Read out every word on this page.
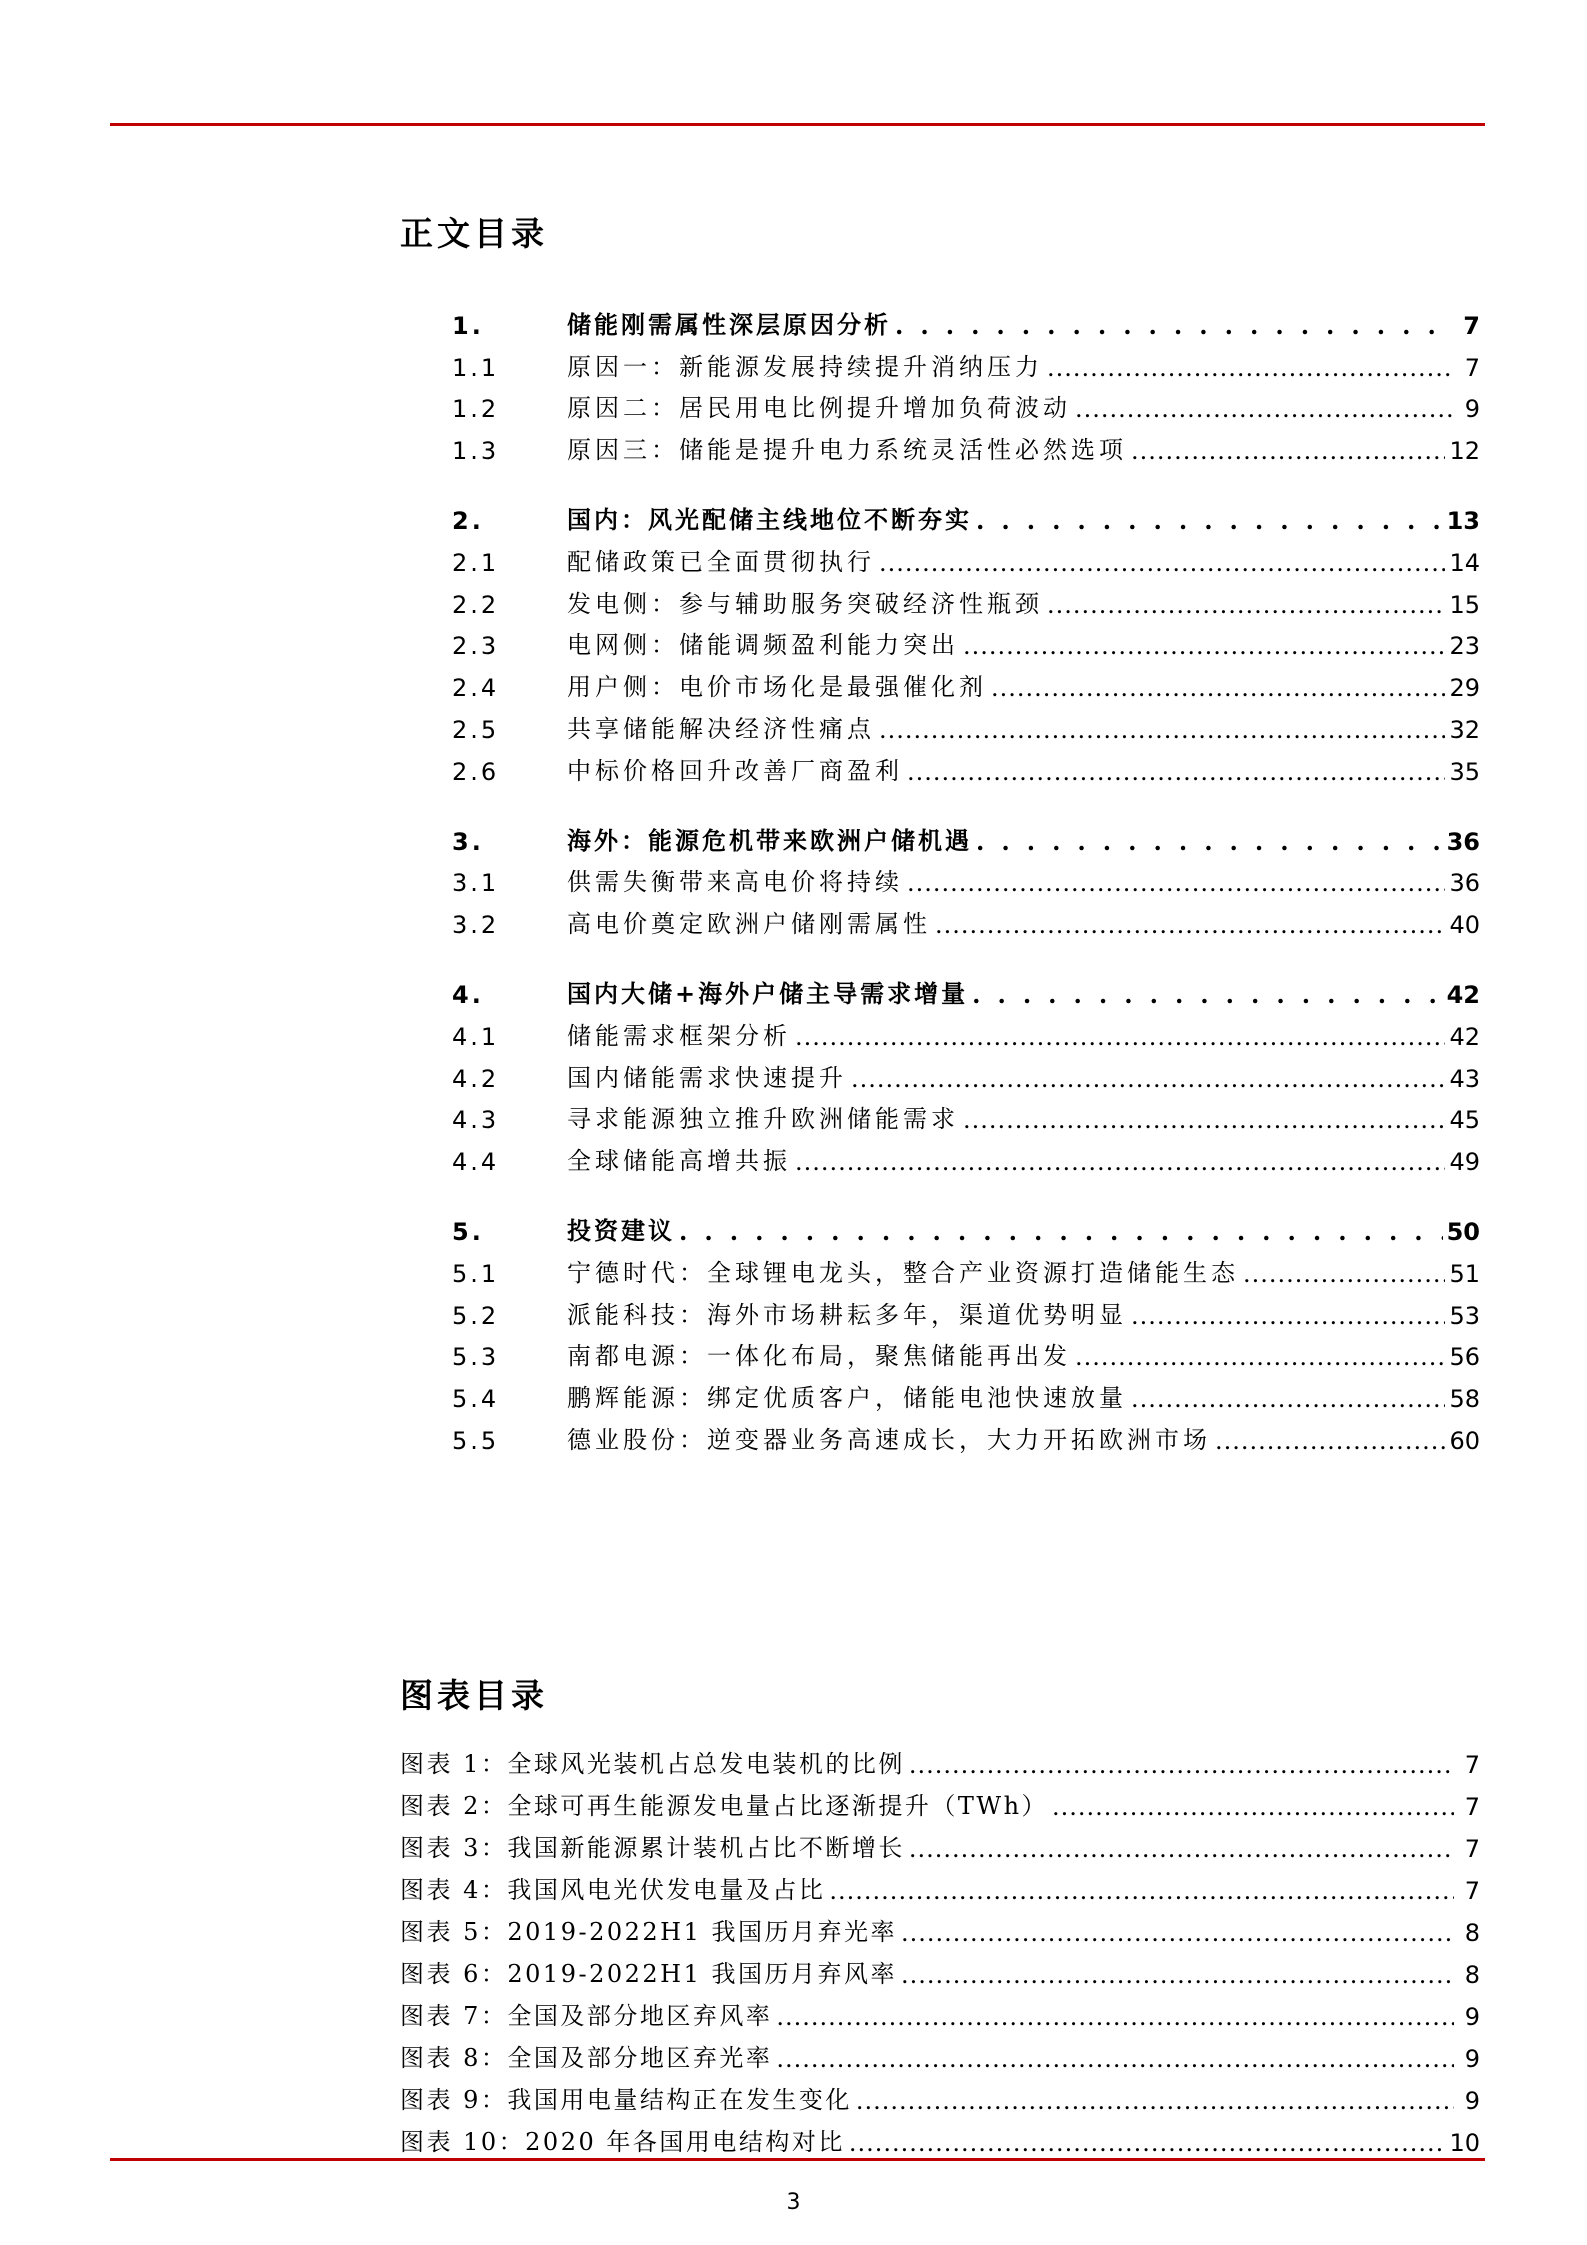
正文目录
1.	储能刚需属性深层原因分析 .....	7
1.1	原因一：新能源发展持续提升消纳压力 .....	7
1.2	原因二：居民用电比例提升增加负荷波动 .....	9
1.3	原因三：储能是提升电力系统灵活性必然选项 .....	12
2.	国内：风光配储主线地位不断夯实 .....	13
2.1	配储政策已全面贯彻执行 .....	14
2.2	发电侧：参与辅助服务突破经济性瓶颈 .....	15
2.3	电网侧：储能调频盈利能力突出 .....	23
2.4	用户侧：电价市场化是最强催化剂 .....	29
2.5	共享储能解决经济性痛点 .....	32
2.6	中标价格回升改善厂商盈利 .....	35
3.	海外：能源危机带来欧洲户储机遇 .....	36
3.1	供需失衡带来高电价将持续 .....	36
3.2	高电价奠定欧洲户储刚需属性 .....	40
4.	国内大储+海外户储主导需求增量 .....	42
4.1	储能需求框架分析 .....	42
4.2	国内储能需求快速提升 .....	43
4.3	寻求能源独立推升欧洲储能需求 .....	45
4.4	全球储能高增共振 .....	49
5.	投资建议 .....	50
5.1	宁德时代：全球锂电龙头，整合产业资源打造储能生态 .....	51
5.2	派能科技：海外市场耕耘多年，渠道优势明显 .....	53
5.3	南都电源：一体化布局，聚焦储能再出发 .....	56
5.4	鹏辉能源：绑定优质客户，储能电池快速放量 .....	58
5.5	德业股份：逆变器业务高速成长，大力开拓欧洲市场 .....	60
图表目录
图表 1：全球风光装机占总发电装机的比例 .....	7
图表 2：全球可再生能源发电量占比逐渐提升（TWh） .....	7
图表 3：我国新能源累计装机占比不断增长 .....	7
图表 4：我国风电光伏发电量及占比 .....	7
图表 5：2019-2022H1 我国历月弃光率 .....	8
图表 6：2019-2022H1 我国历月弃风率 .....	8
图表 7：全国及部分地区弃风率 .....	9
图表 8：全国及部分地区弃光率 .....	9
图表 9：我国用电量结构正在发生变化 .....	9
图表 10：2020 年各国用电结构对比 .....	10
3
